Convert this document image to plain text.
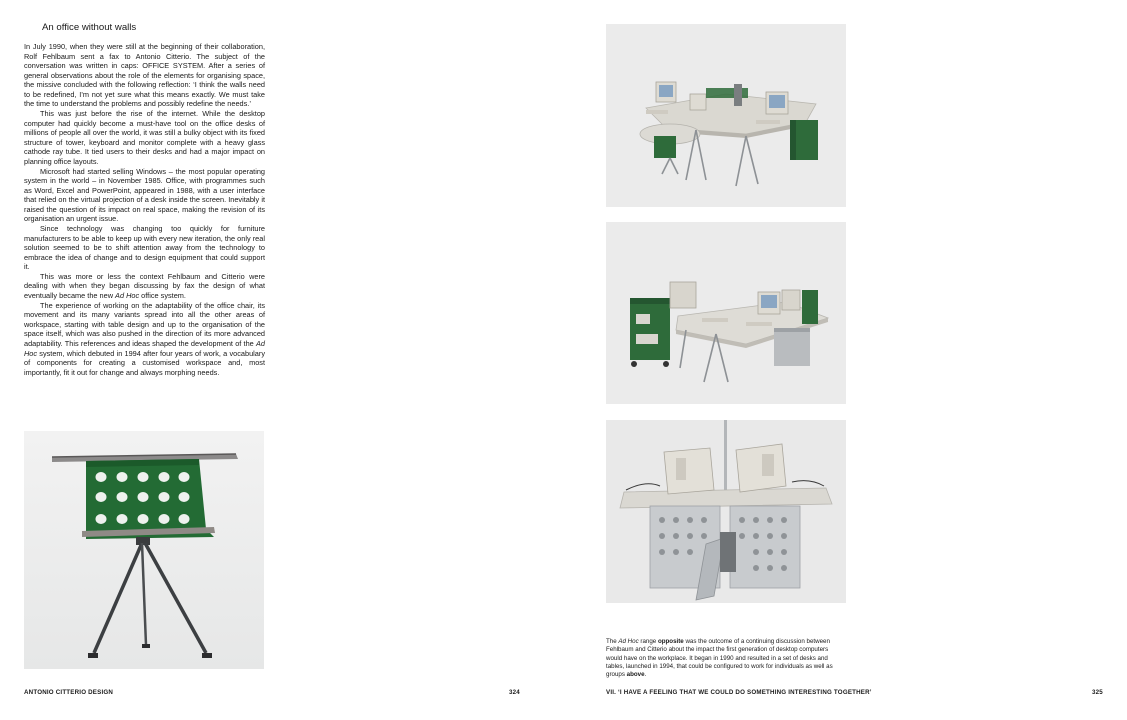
An office without walls

In July 1990, when they were still at the beginning of their collaboration, Rolf Fehlbaum sent a fax to Antonio Citterio. The subject of the conversation was written in caps: OFFICE SYSTEM. After a series of general observations about the role of the elements for organising space, the missive concluded with the following reflection: ‘I think the walls need to be redefined, I’m not yet sure what this means exactly. We must take the time to understand the problems and possibly redefine the needs.’

This was just before the rise of the internet. While the desktop computer had quickly become a must-have tool on the office desks of millions of people all over the world, it was still a bulky object with its fixed structure of tower, keyboard and monitor complete with a heavy glass cathode ray tube. It tied users to their desks and had a major impact on planning office layouts.

Microsoft had started selling Windows – the most popular operating system in the world – in November 1985. Office, with programmes such as Word, Excel and PowerPoint, appeared in 1988, with a user interface that relied on the virtual projection of a desk inside the screen. Inevitably it raised the question of its impact on real space, making the revision of its organisation an urgent issue.

Since technology was changing too quickly for furniture manufacturers to be able to keep up with every new iteration, the only real solution seemed to be to shift attention away from the technology to embrace the idea of change and to design equipment that could support it.

This was more or less the context Fehlbaum and Citterio were dealing with when they began discussing by fax the design of what eventually became the new Ad Hoc office system.

The experience of working on the adaptability of the office chair, its movement and its many variants spread into all the other areas of workspace, starting with table design and up to the organisation of the space itself, which was also pushed in the direction of its more advanced adaptability. This references and ideas shaped the development of the Ad Hoc system, which debuted in 1994 after four years of work, a vocabulary of components for creating a customised workspace and, most importantly, fit it out for change and always morphing needs.

ANTONIO CITTERIO DESIGN	324

The Ad Hoc range opposite was the outcome of a continuing discussion between Fehlbaum and Citterio about the impact the first generation of desktop computers would have on the workplace. It began in 1990 and resulted in a set of desks and tables, launched in 1994, that could be configured to work for individuals as well as groups above.

VII. ‘I HAVE A FEELING THAT WE COULD DO SOMETHING INTERESTING TOGETHER’	325
